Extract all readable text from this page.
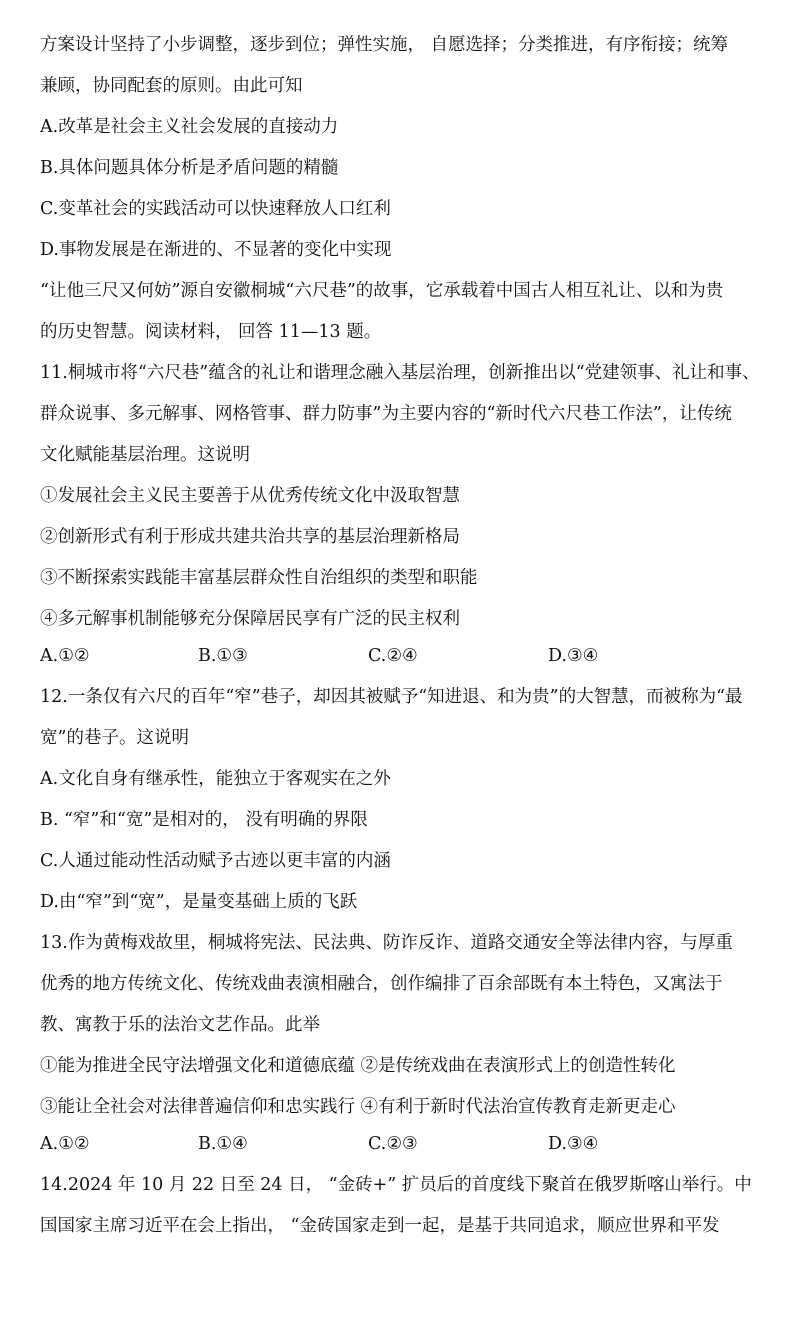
方案设计坚持了小步调整，逐步到位；弹性实施， 自愿选择；分类推进，有序衔接；统筹
兼顾，协同配套的原则。由此可知
A.改革是社会主义社会发展的直接动力
B.具体问题具体分析是矛盾问题的精髓
C.变革社会的实践活动可以快速释放人口红利
D.事物发展是在渐进的、不显著的变化中实现
“让他三尺又何妨”源自安徽桐城“六尺巷”的故事，它承载着中国古人相互礼让、以和为贵
的历史智慧。阅读材料， 回答 11—13 题。
11.桐城市将“六尺巷”蕴含的礼让和谐理念融入基层治理，创新推出以“党建领事、礼让和事、
群众说事、多元解事、网格管事、群力防事”为主要内容的“新时代六尺巷工作法”，让传统
文化赋能基层治理。这说明
①发展社会主义民主要善于从优秀传统文化中汲取智慧
②创新形式有利于形成共建共治共享的基层治理新格局
③不断探索实践能丰富基层群众性自治组织的类型和职能
④多元解事机制能够充分保障居民享有广泛的民主权利
A.①②	B.①③	C.②④	D.③④
12.一条仅有六尺的百年“窄”巷子，却因其被赋予“知进退、和为贵”的大智慧，而被称为“最
宽”的巷子。这说明
A.文化自身有继承性，能独立于客观实在之外
B. “窄”和“宽”是相对的， 没有明确的界限
C.人通过能动性活动赋予古迹以更丰富的内涵
D.由“窄”到“宽”，是量变基础上质的飞跃
13.作为黄梅戏故里，桐城将宪法、民法典、防诈反诈、道路交通安全等法律内容，与厚重
优秀的地方传统文化、传统戏曲表演相融合，创作编排了百余部既有本土特色，又寓法于
教、寓教于乐的法治文艺作品。此举
①能为推进全民守法增强文化和道德底蕴 ②是传统戏曲在表演形式上的创造性转化
③能让全社会对法律普遍信仰和忠实践行 ④有利于新时代法治宣传教育走新更走心
A.①②	B.①④	C.②③	D.③④
14.2024 年 10 月 22 日至 24 日， “金砖+” 扩员后的首度线下聚首在俄罗斯喀山举行。中
国国家主席习近平在会上指出， “金砖国家走到一起，是基于共同追求，顺应世界和平发
